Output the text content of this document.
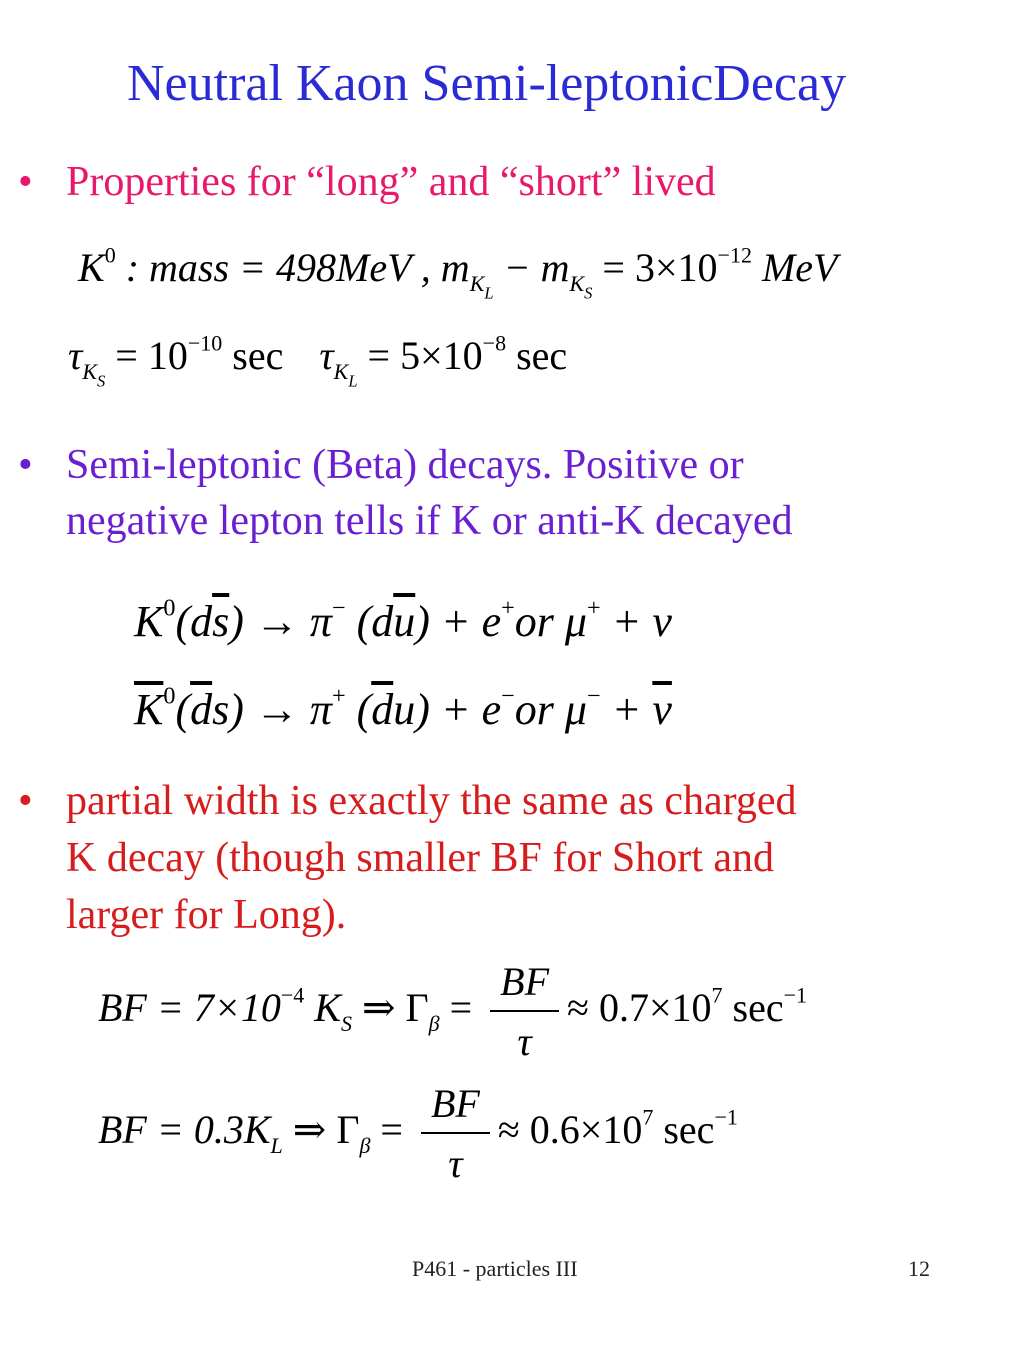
Neutral Kaon Semi-leptonicDecay
• Properties for “long” and “short” lived
$K^0$ : mass = 498MeV , $m_{K_L} - m_{K_S} = 3\times 10^{-12}$ MeV
$\tau_{K_S} = 10^{-10}$ $\sec \tau_{K_L} = 5\times 10^{-8}$ sec
• Semi-leptonic (Beta) decays. Positive or
negative lepton tells if K or anti-K decayed
$K^0(d\overline{s}) \to \pi^-$ $(d\overline{u}) + e^+or$ μ+ + ν
$\overline{K}^0(\overline{d}s) \to \pi^+$ $(\overline{d}u) + e^-or$ $\mu^- + \overline{\nu}$
• partial width is exactly the same as charged
K decay (though smaller BF for Short and
larger for Long).
BF = $7\times 10^{-4}$ $K_S$ ⇒ $\Gamma_\beta = \frac{BF}{\tau} \approx 0.7\times 10^7$ $\sec^{-1}$
BF = $0.3K_L$ ⇒ $\Gamma_\beta = \frac{BF}{\tau} \approx 0.6\times 10^7$ $\sec^{-1}$
P461 - particles III	12
